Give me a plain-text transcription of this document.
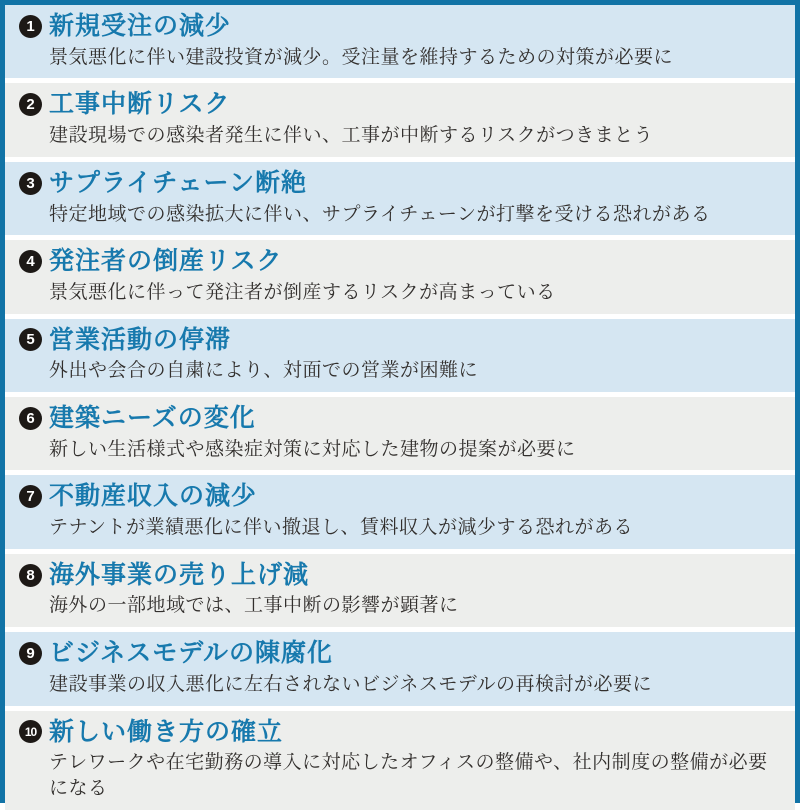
1 新規受注の減少

景気悪化に伴い建設投資が減少。受注量を維持するための対策が必要に

2 工事中断リスク

建設現場での感染者発生に伴い、工事が中断するリスクがつきまとう

3 サプライチェーン断絶

特定地域での感染拡大に伴い、サプライチェーンが打撃を受ける恐れがある

4 発注者の倒産リスク

景気悪化に伴って発注者が倒産するリスクが高まっている

5 営業活動の停滞

外出や会合の自粛により、対面での営業が困難に

6 建築ニーズの変化

新しい生活様式や感染症対策に対応した建物の提案が必要に

7 不動産収入の減少

テナントが業績悪化に伴い撤退し、賃料収入が減少する恐れがある

8 海外事業の売り上げ減

海外の一部地域では、工事中断の影響が顕著に

9 ビジネスモデルの陳腐化

建設事業の収入悪化に左右されないビジネスモデルの再検討が必要に

10 新しい働き方の確立

テレワークや在宅勤務の導入に対応したオフィスの整備や、社内制度の整備が必要になる
